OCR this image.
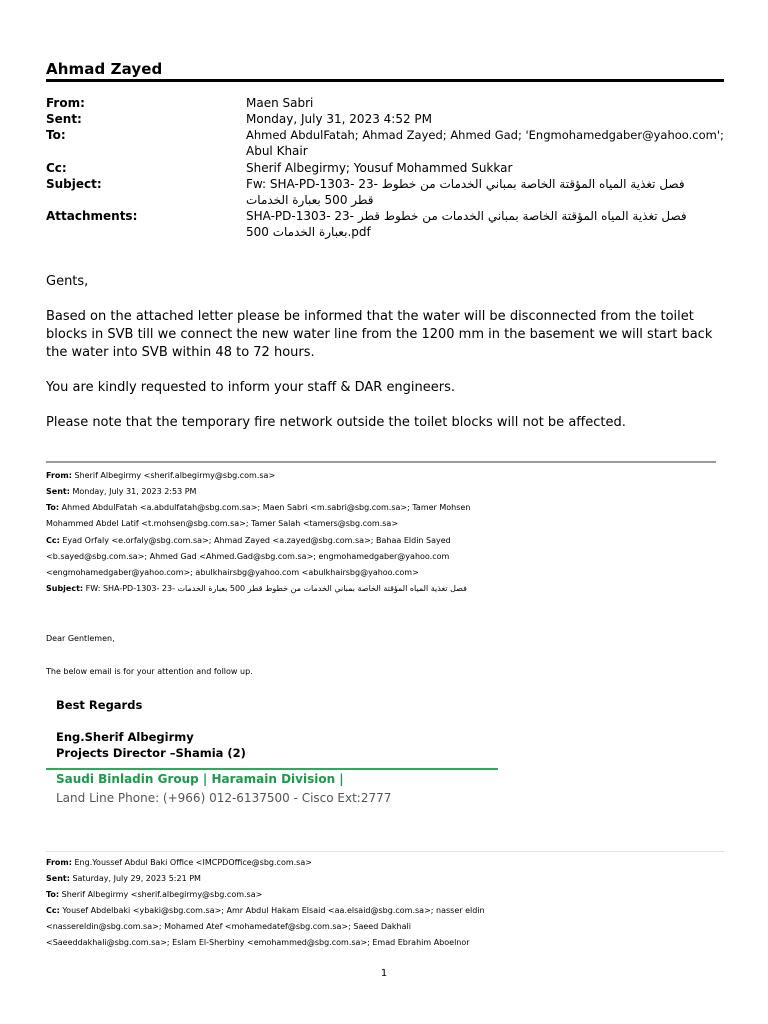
Ahmad Zayed
From:	Maen Sabri
Sent:	Monday, July 31, 2023 4:52 PM
To:	Ahmed AbdulFatah; Ahmad Zayed; Ahmed Gad; 'Engmohamedgaber@yahoo.com';
Abul Khair
Cc:	Sherif Albegirmy; Yousuf Mohammed Sukkar
Subject:	Fw: SHA-PD-1303- 23- فصل تغذية المياه المؤقتة الخاصة بمباني الخدمات من خطوط
قطر 500 بعبارة الخدمات
Attachments:	SHA-PD-1303- 23- فصل تغذية المياه المؤقتة الخاصة بمباني الخدمات من خطوط قطر
500 بعبارة الخدمات.pdf
Gents,
Based on the attached letter please be informed that the water will be disconnected from the toilet blocks in SVB till we connect the new water line from the 1200 mm in the basement we will start back the water into SVB within 48 to 72 hours.
You are kindly requested to inform your staff & DAR engineers.
Please note that the temporary fire network outside the toilet blocks will not be affected.
From: Sherif Albegirmy <sherif.albegirmy@sbg.com.sa>
Sent: Monday, July 31, 2023 2:53 PM
To: Ahmed AbdulFatah <a.abdulfatah@sbg.com.sa>; Maen Sabri <m.sabri@sbg.com.sa>; Tamer Mohsen
Mohammed Abdel Latif <t.mohsen@sbg.com.sa>; Tamer Salah <tamers@sbg.com.sa>
Cc: Eyad Orfaly <e.orfaly@sbg.com.sa>; Ahmad Zayed <a.zayed@sbg.com.sa>; Bahaa Eldin Sayed
<b.sayed@sbg.com.sa>; Ahmed Gad <Ahmed.Gad@sbg.com.sa>; engmohamedgaber@yahoo.com
<engmohamedgaber@yahoo.com>; abulkhairsbg@yahoo.com <abulkhairsbg@yahoo.com>
Subject: FW: SHA-PD-1303- 23- فصل تغذية المياه المؤقتة الخاصة بمباني الخدمات من خطوط قطر 500 بعبارة الخدمات
Dear Gentlemen,
The below email is for your attention and follow up.
Best Regards
Eng.Sherif Albegirmy
Projects Director –Shamia (2)
Saudi Binladin Group | Haramain Division |
Land Line Phone: (+966) 012-6137500 - Cisco Ext:2777
From: Eng.Youssef Abdul Baki Office <IMCPDOffice@sbg.com.sa>
Sent: Saturday, July 29, 2023 5:21 PM
To: Sherif Albegirmy <sherif.albegirmy@sbg.com.sa>
Cc: Yousef Abdelbaki <ybaki@sbg.com.sa>; Amr Abdul Hakam Elsaid <aa.elsaid@sbg.com.sa>; nasser eldin
<nassereldin@sbg.com.sa>; Mohamed Atef <mohamedatef@sbg.com.sa>; Saeed Dakhali
<Saeeddakhali@sbg.com.sa>; Eslam El-Sherbiny <emohammed@sbg.com.sa>; Emad Ebrahim Aboelnor
1
